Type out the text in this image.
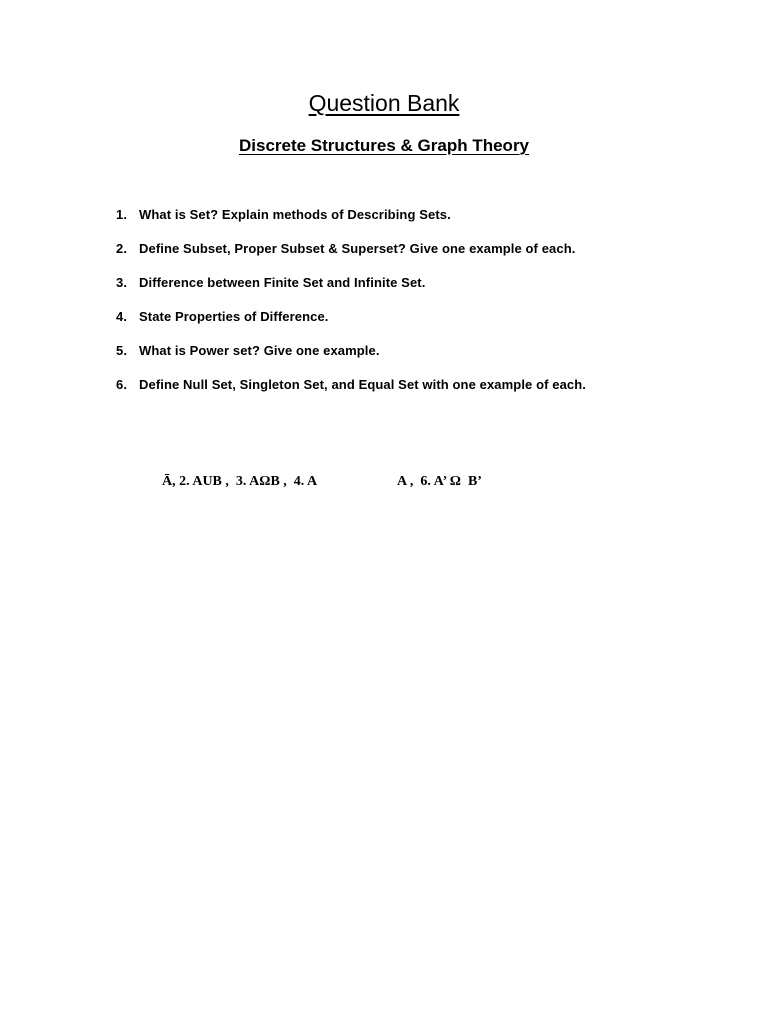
Question Bank
Discrete Structures & Graph Theory
1. What is Set? Explain methods of Describing Sets.
2. Define Subset, Proper Subset & Superset? Give one example of each.
3. Difference between Finite Set and Infinite Set.
4. State Properties of Difference.
5. What is Power set? Give one example.
6. Define Null Set, Singleton Set, and Equal Set with one example of each.

Ā, 2. AUB ,  3. AΩB ,  4. A

	A ,  6. A’ Ω  B’
